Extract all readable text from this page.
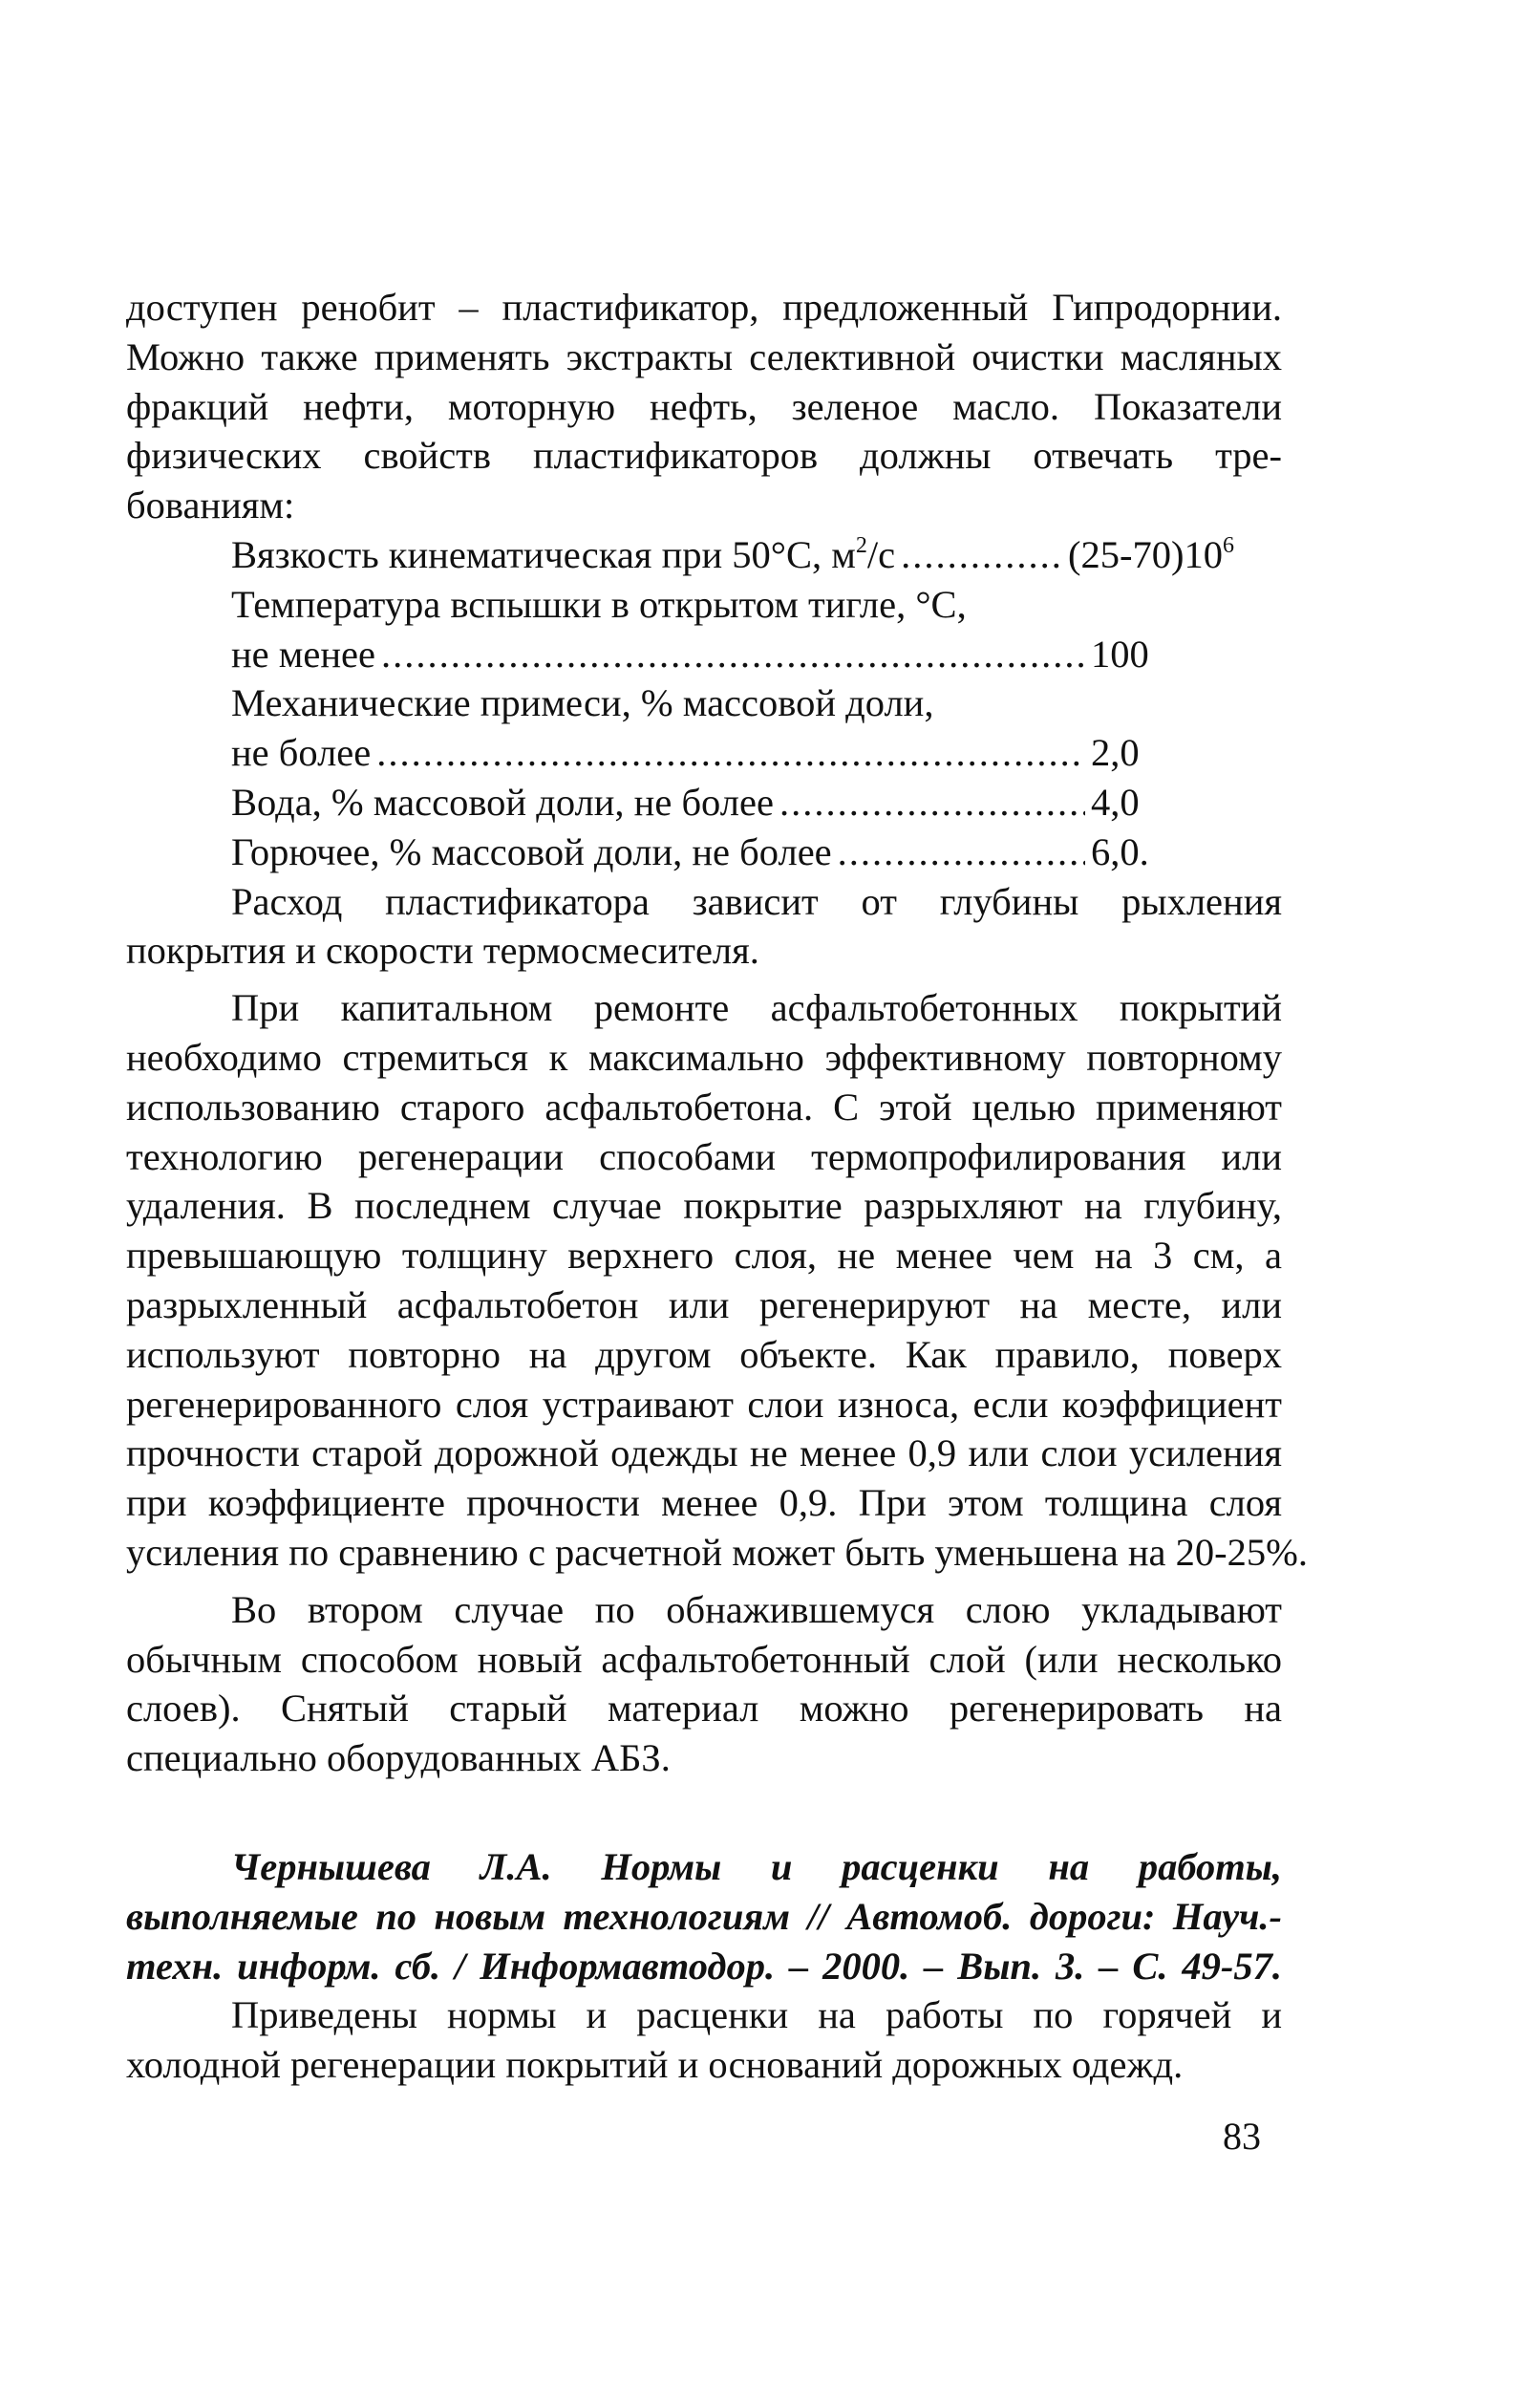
доступен ренобит – пластификатор, предложенный Гипродорнии.
Можно также применять экстракты селективной очистки масляных
фракций нефти, моторную нефть, зеленое масло. Показатели
физических свойств пластификаторов должны отвечать тре-
бованиям:
Вязкость кинематическая при 50°С, $м^2/с$ .....	$(25-70)10^6$
Температура вспышки в открытом тигле, °С,
не менее .....	100
Механические примеси, % массовой доли,
не более .....	2,0
Вода, % массовой доли, не более .....	4,0
Горючее, % массовой доли, не более .....	6,0.
Расход пластификатора зависит от глубины рыхления
покрытия и скорости термосмесителя.
При капитальном ремонте асфальтобетонных покрытий
необходимо стремиться к максимально эффективному повторному
использованию старого асфальтобетона. С этой целью применяют
технологию регенерации способами термопрофилирования или
удаления. В последнем случае покрытие разрыхляют на глубину,
превышающую толщину верхнего слоя, не менее чем на 3 см, а
разрыхленный асфальтобетон или регенерируют на месте, или
используют повторно на другом объекте. Как правило, поверх
регенерированного слоя устраивают слои износа, если коэффициент
прочности старой дорожной одежды не менее 0,9 или слои усиления
при коэффициенте прочности менее 0,9. При этом толщина слоя
усиления по сравнению с расчетной может быть уменьшена на 20-25%.
Во втором случае по обнажившемуся слою укладывают
обычным способом новый асфальтобетонный слой (или несколько
слоев). Снятый старый материал можно регенерировать на
специально оборудованных АБЗ.
Чернышева Л.А. Нормы и расценки на работы,
выполняемые по новым технологиям // Автомоб. дороги: Науч.-
техн. информ. сб. / Информавтодор. – 2000. – Вып. 3. – С. 49-57.
Приведены нормы и расценки на работы по горячей и
холодной регенерации покрытий и оснований дорожных одежд.
83
